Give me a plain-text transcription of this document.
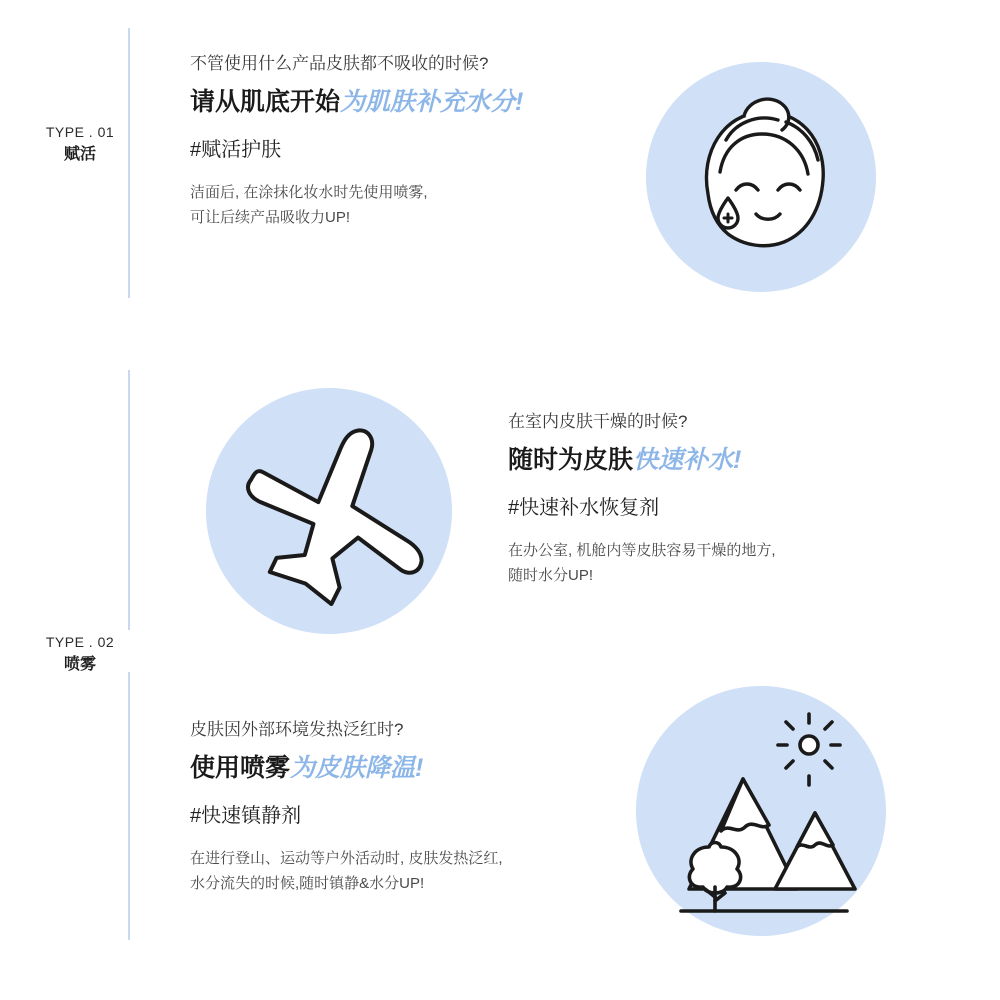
TYPE . 01
赋活
TYPE . 02
喷雾

不管使用什么产品皮肤都不吸收的时候?

请从肌底开始为肌肤补充水分!

#赋活护肤

洁面后, 在涂抹化妆水时先使用喷雾,
可让后续产品吸收力UP!

在室内皮肤干燥的时候?

随时为皮肤快速补水!

#快速补水恢复剂

在办公室, 机舱内等皮肤容易干燥的地方,
随时水分UP!

皮肤因外部环境发热泛红时?

使用喷雾为皮肤降温!

#快速镇静剂

在进行登山、运动等户外活动时, 皮肤发热泛红,
水分流失的时候,随时镇静&水分UP!
